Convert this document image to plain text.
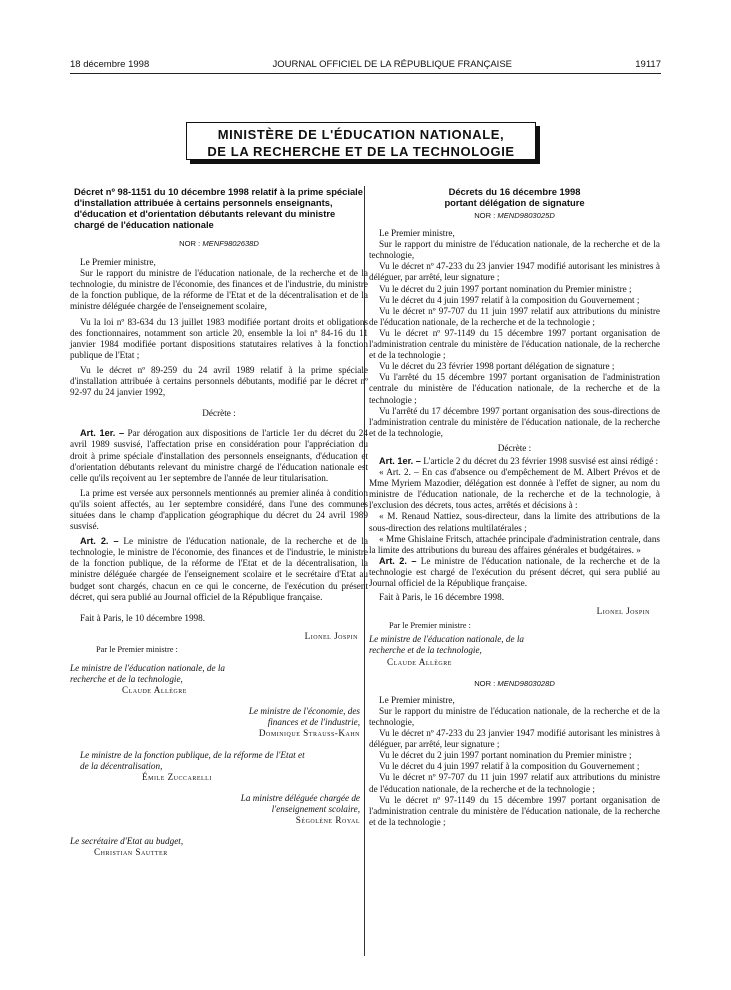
18 décembre 1998	JOURNAL OFFICIEL DE LA RÉPUBLIQUE FRANÇAISE	19117
MINISTÈRE DE L'ÉDUCATION NATIONALE,
DE LA RECHERCHE ET DE LA TECHNOLOGIE
Décret nº 98-1151 du 10 décembre 1998 relatif à la prime spéciale d'installation attribuée à certains personnels enseignants, d'éducation et d'orientation débutants relevant du ministre chargé de l'éducation nationale
NOR : MENF9802638D

Le Premier ministre,

Sur le rapport du ministre de l'éducation nationale, de la recherche et de la technologie, du ministre de l'économie, des finances et de l'industrie, du ministre de la fonction publique, de la réforme de l'Etat et de la décentralisation et de la ministre déléguée chargée de l'enseignement scolaire,

Vu la loi nº 83-634 du 13 juillet 1983 modifiée portant droits et obligations des fonctionnaires, notamment son article 20, ensemble la loi nº 84-16 du 11 janvier 1984 modifiée portant dispositions statutaires relatives à la fonction publique de l'Etat ;

Vu le décret nº 89-259 du 24 avril 1989 relatif à la prime spéciale d'installation attribuée à certains personnels débutants, modifié par le décret nº 92-97 du 24 janvier 1992,

Décrète :

Art. 1er. – Par dérogation aux dispositions de l'article 1er du décret du 24 avril 1989 susvisé, l'affectation prise en considération pour l'appréciation du droit à prime spéciale d'installation des personnels enseignants, d'éducation et d'orientation débutants relevant du ministre chargé de l'éducation nationale est celle qu'ils reçoivent au 1er septembre de l'année de leur titularisation.

La prime est versée aux personnels mentionnés au premier alinéa à condition qu'ils soient affectés, au 1er septembre considéré, dans l'une des communes situées dans le champ d'application géographique du décret du 24 avril 1989 susvisé.

Art. 2. – Le ministre de l'éducation nationale, de la recherche et de la technologie, le ministre de l'économie, des finances et de l'industrie, le ministre de la fonction publique, de la réforme de l'Etat et de la décentralisation, la ministre déléguée chargée de l'enseignement scolaire et le secrétaire d'Etat au budget sont chargés, chacun en ce qui le concerne, de l'exécution du présent décret, qui sera publié au Journal officiel de la République française.

Fait à Paris, le 10 décembre 1998.

Lionel Jospin

Par le Premier ministre :

Le ministre de l'éducation nationale, de la recherche et de la technologie,
Claude Allègre
Le ministre de l'économie, des finances et de l'industrie,
Dominique Strauss-Kahn
Le ministre de la fonction publique, de la réforme de l'Etat et de la décentralisation,
Émile Zuccarelli
La ministre déléguée chargée de l'enseignement scolaire,
Ségolène Royal
Le secrétaire d'Etat au budget,
Christian Sautter
Décrets du 16 décembre 1998
portant délégation de signature
NOR : MEND9803025D

Le Premier ministre,

Sur le rapport du ministre de l'éducation nationale, de la recherche et de la technologie,

Vu le décret nº 47-233 du 23 janvier 1947 modifié autorisant les ministres à déléguer, par arrêté, leur signature ;

Vu le décret du 2 juin 1997 portant nomination du Premier ministre ;

Vu le décret du 4 juin 1997 relatif à la composition du Gouvernement ;

Vu le décret nº 97-707 du 11 juin 1997 relatif aux attributions du ministre de l'éducation nationale, de la recherche et de la technologie ;

Vu le décret nº 97-1149 du 15 décembre 1997 portant organisation de l'administration centrale du ministère de l'éducation nationale, de la recherche et de la technologie ;

Vu le décret du 23 février 1998 portant délégation de signature ;

Vu l'arrêté du 15 décembre 1997 portant organisation de l'administration centrale du ministère de l'éducation nationale, de la recherche et de la technologie ;

Vu l'arrêté du 17 décembre 1997 portant organisation des sous-directions de l'administration centrale du ministère de l'éducation nationale, de la recherche et de la technologie,

Décrète :

Art. 1er. – L'article 2 du décret du 23 février 1998 susvisé est ainsi rédigé :

« Art. 2. – En cas d'absence ou d'empêchement de M. Albert Prévos et de Mme Myriem Mazodier, délégation est donnée à l'effet de signer, au nom du ministre de l'éducation nationale, de la recherche et de la technologie, à l'exclusion des décrets, tous actes, arrêtés et décisions à :

« M. Renaud Nattiez, sous-directeur, dans la limite des attributions de la sous-direction des relations multilatérales ;

« Mme Ghislaine Fritsch, attachée principale d'administration centrale, dans la limite des attributions du bureau des affaires générales et budgétaires. »

Art. 2. – Le ministre de l'éducation nationale, de la recherche et de la technologie est chargé de l'exécution du présent décret, qui sera publié au Journal officiel de la République française.

Fait à Paris, le 16 décembre 1998.

Lionel Jospin

Par le Premier ministre :

Le ministre de l'éducation nationale, de la recherche et de la technologie,
Claude Allègre
NOR : MEND9803028D

Le Premier ministre,

Sur le rapport du ministre de l'éducation nationale, de la recherche et de la technologie,

Vu le décret nº 47-233 du 23 janvier 1947 modifié autorisant les ministres à déléguer, par arrêté, leur signature ;

Vu le décret du 2 juin 1997 portant nomination du Premier ministre ;

Vu le décret du 4 juin 1997 relatif à la composition du Gouvernement ;

Vu le décret nº 97-707 du 11 juin 1997 relatif aux attributions du ministre de l'éducation nationale, de la recherche et de la technologie ;

Vu le décret nº 97-1149 du 15 décembre 1997 portant organisation de l'administration centrale du ministère de l'éducation nationale, de la recherche et de la technologie ;
